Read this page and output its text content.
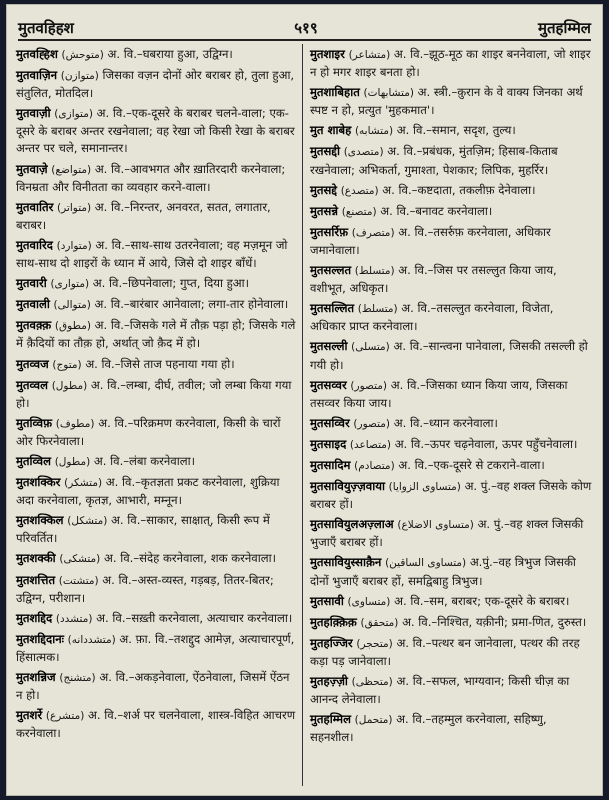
मुतवहिहश	५१९	मुतहम्मिल
मुतवह्हिश (متوحش) अ. वि.–घबराया हुआ, उद्विग्न।
मुतवाज़िन (متوازن) जिसका वज़न दोनों ओर बराबर हो, तुला हुआ, संतुलित, मोतदिल।
मुतवाज़ी (متوازی) अ. वि.–एक-दूसरे के बराबर चलने-वाला; एक-दूसरे के बराबर अन्तर रखनेवाला; वह रेखा जो किसी रेखा के बराबर अन्तर पर चले, समानान्तर।
मुतवाज़े (متواضع) अ. वि.–आवभगत और ख़ातिरदारी करनेवाला; विनम्रता और विनीतता का व्यवहार करने-वाला।
मुतवातिर (متواتر) अ. वि.–निरन्तर, अनवरत, सतत, लगातार, बराबर।
मुतवारिद (متوارد) अ. वि.–साथ-साथ उतरनेवाला; वह मज़मून जो साथ-साथ दो शाइरों के ध्यान में आये, जिसे दो शाइर बाँधें।
मुतवारी (متواری) अ. वि.–छिपनेवाला; गुप्त, दिया हुआ।
मुतवाली (متوالی) अ. वि.–बारंबार आनेवाला; लगा-तार होनेवाला।
मुतवक़्क़ (مطوق) अ. वि.–जिसके गले में तौक़ पड़ा हो; जिसके गले में क़ैदियों का तौक़ हो, अर्थात् जो क़ैद में हो।
मुतव्वज (متوج) अ. वि.–जिसे ताज पहनाया गया हो।
मुतव्वल (مطول) अ. वि.–लम्बा, दीर्घ, तवील; जो लम्बा किया गया हो।
मुतव्विफ़ (مطوف) अ. वि.–परिक्रमण करनेवाला, किसी के चारों ओर फिरनेवाला।
मुतव्विल (مطول) अ. वि.–लंबा करनेवाला।
मुतशक्किर (متشکر) अ. वि.–कृतज्ञता प्रकट करनेवाला, शुक्रिया अदा करनेवाला, कृतज्ञ, आभारी, मम्नून।
मुतशक्किल (متشکل) अ. वि.–साकार, साक्षात्, किसी रूप में परिवर्तित।
मुतशक्की (متشکی) अ. वि.–संदेह करनेवाला, शक करनेवाला।
मुतशत्तित (متشتت) अ. वि.–अस्त-व्यस्त, गड़बड़, तितर-बितर; उद्विग्न, परीशान।
मुतशद्दिद (متشدد) अ. वि.–सख़्ती करनेवाला, अत्याचार करनेवाला।
मुतशद्दिदानः (متشددانه) अ. फ़ा. वि.–तशद्दुद आमेज़, अत्याचारपूर्ण, हिंसात्मक।
मुतशन्निज (متشنج) अ. वि.–अकड़नेवाला, ऐंठनेवाला, जिसमें ऐंठन न हो।
मुतशर्रे (متشرع) अ. वि.–शर्अ पर चलनेवाला, शास्त्र-विहित आचरण करनेवाला।
मुतशाइर (متشاعر) अ. वि.–झूठ-मूठ का शाइर बननेवाला, जो शाइर न हो मगर शाइर बनता हो।
मुतशाबिहात (متشابهات) अ. स्त्री.–क़ुरान के वे वाक्य जिनका अर्थ स्पष्ट न हो, प्रत्युत 'मुहकमात'।
मुत शाबेह (متشابه) अ. वि.–समान, सदृश, तुल्य।
मुतसद्दी (متصدی) अ. वि.–प्रबंधक, मुंतज़िम; हिसाब-किताब रखनेवाला; अभिकर्ता, गुमाश्ता, पेशकार; लिपिक, मुहर्रिर।
मुतसद्दे (متصدع) अ. वि.–कष्टदाता, तकलीफ़ देनेवाला।
मुतसन्ने (متصنع) अ. वि.–बनावट करनेवाला।
मुतसर्रिफ़ (متصرف) अ. वि.–तसर्रुफ़ करनेवाला, अधिकार जमानेवाला।
मुतसल्लत (متسلط) अ. वि.–जिस पर तसल्लुत किया जाय, वशीभूत, अधिकृत।
मुतसल्लित (متسلط) अ. वि.–तसल्लुत करनेवाला, विजेता, अधिकार प्राप्त करनेवाला।
मुतसल्ली (متسلی) अ. वि.–सान्त्वना पानेवाला, जिसकी तसल्ली हो गयी हो।
मुतसव्वर (متصور) अ. वि.–जिसका ध्यान किया जाय, जिसका तसव्वर किया जाय।
मुतसव्विर (متصور) अ. वि.–ध्यान करनेवाला।
मुतसाइद (متصاعد) अ. वि.–ऊपर चढ़नेवाला, ऊपर पहुँचनेवाला।
मुतसादिम (متصادم) अ. वि.–एक-दूसरे से टकराने-वाला।
मुतसावियुज़्ज़वाया (متساوی الزوایا) अ. पुं.–वह शक्ल जिसके कोण बराबर हों।
मुतसावियुलअज़्लाअ (متساوی الاضلاع) अ. पुं.–वह शक्ल जिसकी भुजाएँ बराबर हों।
मुतसावियुस्साक़ैन (متساوی الساقین) अ.पुं.–वह त्रिभुज जिसकी दोनों भुजाएँ बराबर हों, समद्विबाहु त्रिभुज।
मुतसावी (متساوی) अ. वि.–सम, बराबर; एक-दूसरे के बराबर।
मुतहक़्क़िक़ (متحقق) अ. वि.–निश्चित, यक़ीनी; प्रमा-णित, दुरुस्त।
मुतहज्जिर (متحجر) अ. वि.–पत्थर बन जानेवाला, पत्थर की तरह कड़ा पड़ जानेवाला।
मुतहज़्ज़ी (متحظی) अ. वि.–सफल, भाग्यवान; किसी चीज़ का आनन्द लेनेवाला।
मुतहम्मिल (متحمل) अ. वि.–तहम्मुल करनेवाला, सहिष्णु, सहनशील।
